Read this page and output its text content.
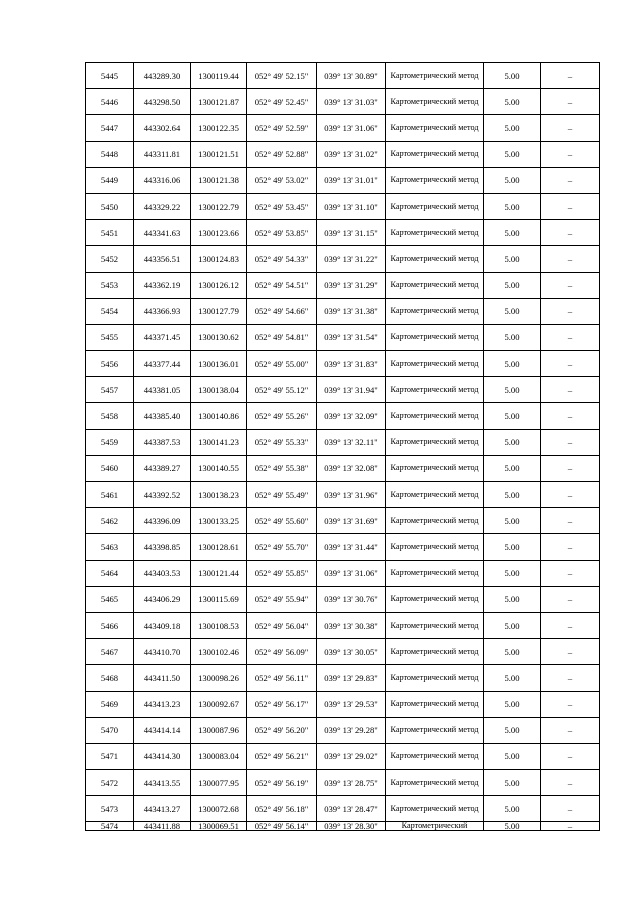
5445	443289.30	1300119.44	052° 49' 52.15"	039° 13' 30.89"	Картометрический метод	5.00	–
5446	443298.50	1300121.87	052° 49' 52.45"	039° 13' 31.03"	Картометрический метод	5.00	–
5447	443302.64	1300122.35	052° 49' 52.59"	039° 13' 31.06"	Картометрический метод	5.00	–
5448	443311.81	1300121.51	052° 49' 52.88"	039° 13' 31.02"	Картометрический метод	5.00	–
5449	443316.06	1300121.38	052° 49' 53.02"	039° 13' 31.01"	Картометрический метод	5.00	–
5450	443329.22	1300122.79	052° 49' 53.45"	039° 13' 31.10"	Картометрический метод	5.00	–
5451	443341.63	1300123.66	052° 49' 53.85"	039° 13' 31.15"	Картометрический метод	5.00	–
5452	443356.51	1300124.83	052° 49' 54.33"	039° 13' 31.22"	Картометрический метод	5.00	–
5453	443362.19	1300126.12	052° 49' 54.51"	039° 13' 31.29"	Картометрический метод	5.00	–
5454	443366.93	1300127.79	052° 49' 54.66"	039° 13' 31.38"	Картометрический метод	5.00	–
5455	443371.45	1300130.62	052° 49' 54.81"	039° 13' 31.54"	Картометрический метод	5.00	–
5456	443377.44	1300136.01	052° 49' 55.00"	039° 13' 31.83"	Картометрический метод	5.00	–
5457	443381.05	1300138.04	052° 49' 55.12"	039° 13' 31.94"	Картометрический метод	5.00	–
5458	443385.40	1300140.86	052° 49' 55.26"	039° 13' 32.09"	Картометрический метод	5.00	–
5459	443387.53	1300141.23	052° 49' 55.33"	039° 13' 32.11"	Картометрический метод	5.00	–
5460	443389.27	1300140.55	052° 49' 55.38"	039° 13' 32.08"	Картометрический метод	5.00	–
5461	443392.52	1300138.23	052° 49' 55.49"	039° 13' 31.96"	Картометрический метод	5.00	–
5462	443396.09	1300133.25	052° 49' 55.60"	039° 13' 31.69"	Картометрический метод	5.00	–
5463	443398.85	1300128.61	052° 49' 55.70"	039° 13' 31.44"	Картометрический метод	5.00	–
5464	443403.53	1300121.44	052° 49' 55.85"	039° 13' 31.06"	Картометрический метод	5.00	–
5465	443406.29	1300115.69	052° 49' 55.94"	039° 13' 30.76"	Картометрический метод	5.00	–
5466	443409.18	1300108.53	052° 49' 56.04"	039° 13' 30.38"	Картометрический метод	5.00	–
5467	443410.70	1300102.46	052° 49' 56.09"	039° 13' 30.05"	Картометрический метод	5.00	–
5468	443411.50	1300098.26	052° 49' 56.11"	039° 13' 29.83"	Картометрический метод	5.00	–
5469	443413.23	1300092.67	052° 49' 56.17"	039° 13' 29.53"	Картометрический метод	5.00	–
5470	443414.14	1300087.96	052° 49' 56.20"	039° 13' 29.28"	Картометрический метод	5.00	–
5471	443414.30	1300083.04	052° 49' 56.21"	039° 13' 29.02"	Картометрический метод	5.00	–
5472	443413.55	1300077.95	052° 49' 56.19"	039° 13' 28.75"	Картометрический метод	5.00	–
5473	443413.27	1300072.68	052° 49' 56.18"	039° 13' 28.47"	Картометрический метод	5.00	–
5474	443411.88	1300069.51	052° 49' 56.14"	039° 13' 28.30"	Картометрический	5.00	–
